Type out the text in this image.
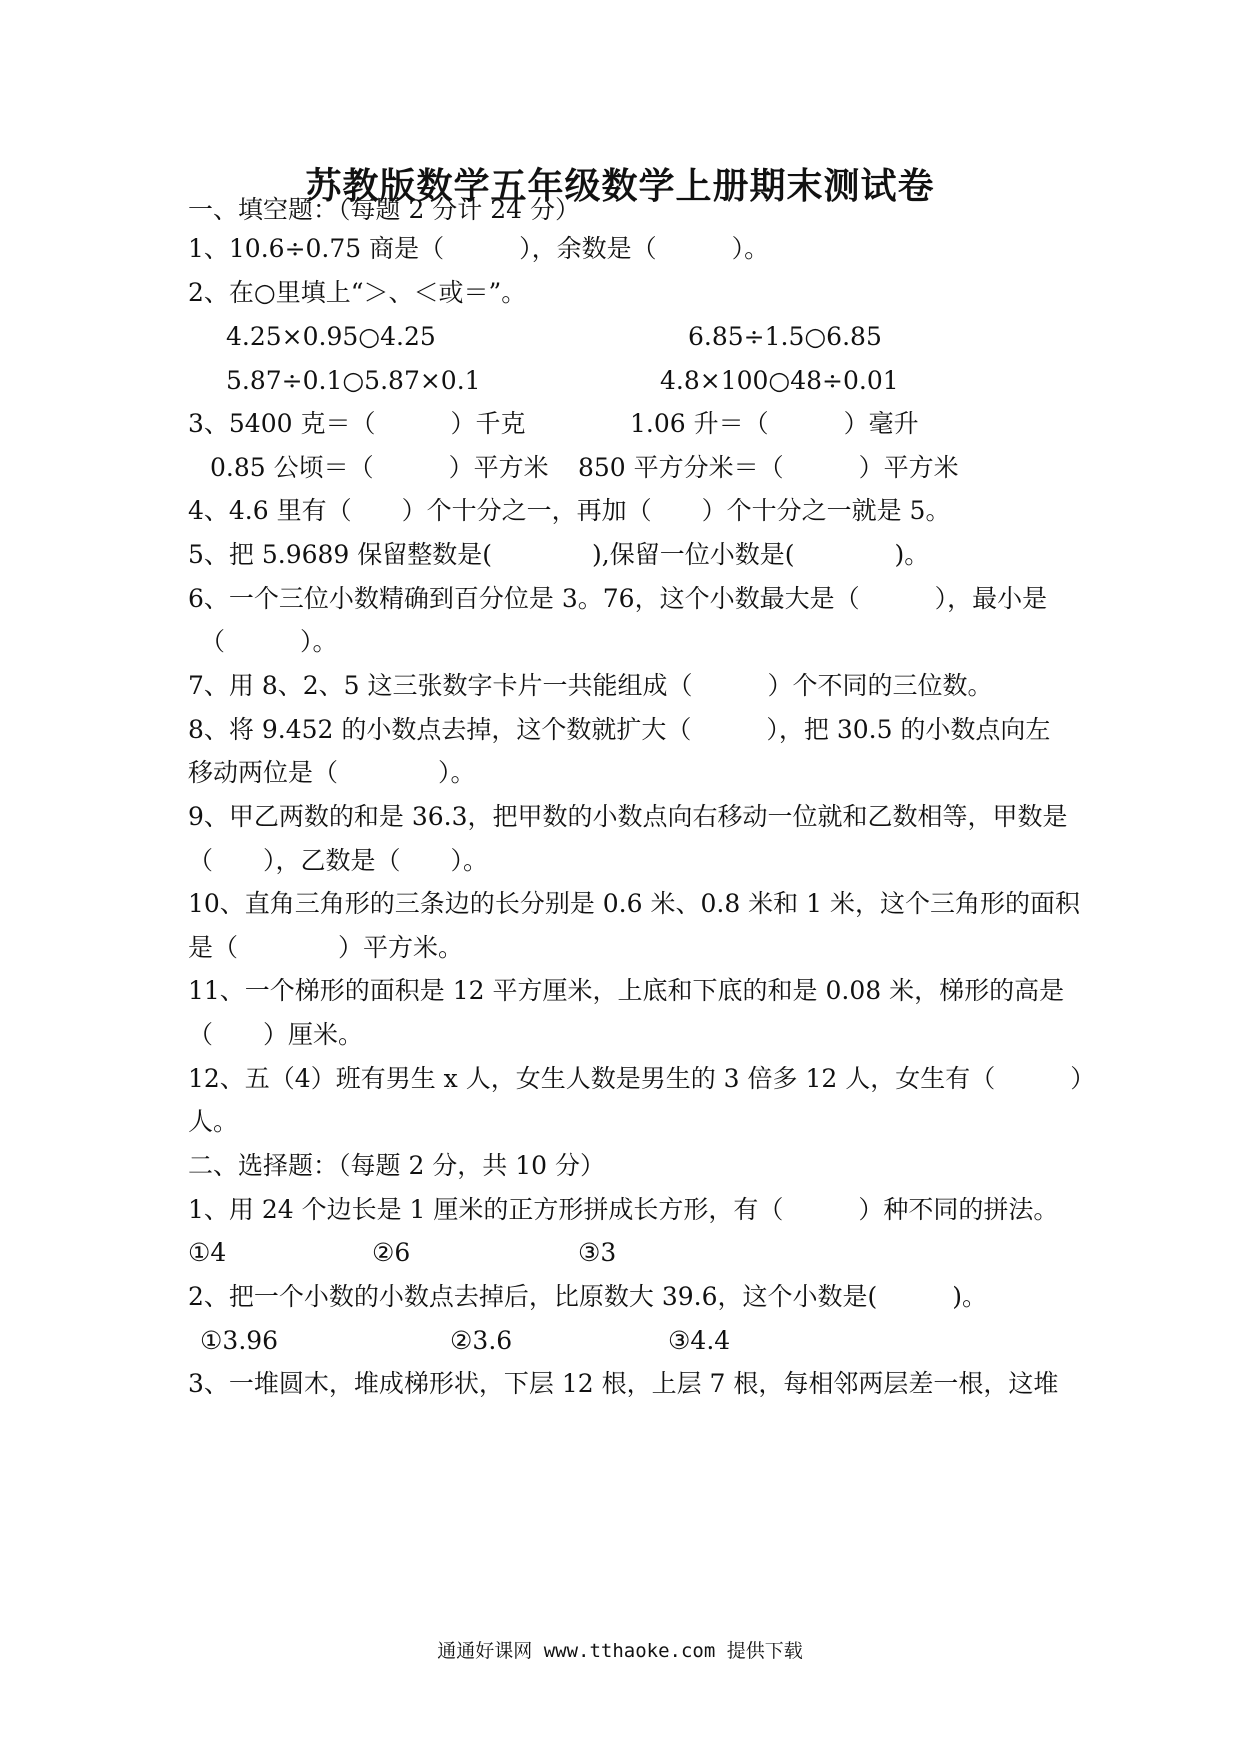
苏教版数学五年级数学上册期末测试卷
一、填空题：（每题 2 分计 24 分）
1、10.6÷0.75 商是（　　　），余数是（　　　）。
2、在○里填上“＞、＜或＝”。
4.25×0.95○4.25	6.85÷1.5○6.85
5.87÷0.1○5.87×0.1	4.8×100○48÷0.01
3、5400 克＝（　　　）千克	1.06 升＝（　　　）毫升
0.85 公顷＝（　　　）平方米 850 平方分米＝（　　　）平方米
4、4.6 里有（　　）个十分之一，再加（　　）个十分之一就是 5。
5、把 5.9689 保留整数是(　　　　),保留一位小数是(　　　　)。
6、一个三位小数精确到百分位是 3。76，这个小数最大是（　　　），最小是
（　　　）。
7、用 8、2、5 这三张数字卡片一共能组成（　　　）个不同的三位数。
8、将 9.452 的小数点去掉，这个数就扩大（　　　），把 30.5 的小数点向左
移动两位是（　　　　）。
9、甲乙两数的和是 36.3，把甲数的小数点向右移动一位就和乙数相等，甲数是
（　　），乙数是（　　）。
10、直角三角形的三条边的长分别是 0.6 米、0.8 米和 1 米，这个三角形的面积
是（　　　　）平方米。
11、一个梯形的面积是 12 平方厘米，上底和下底的和是 0.08 米，梯形的高是
（　　）厘米。
12、五（4）班有男生 x 人，女生人数是男生的 3 倍多 12 人，女生有（　　　）
人。
二、选择题：（每题 2 分，共 10 分）
1、用 24 个边长是 1 厘米的正方形拼成长方形，有（　　　）种不同的拼法。
①4	②6	③3
2、把一个小数的小数点去掉后，比原数大 39.6，这个小数是(　　　)。
①3.96	②3.6	③4.4
3、一堆圆木，堆成梯形状，下层 12 根，上层 7 根，每相邻两层差一根，这堆
通通好课网 www.tthaoke.com 提供下载
